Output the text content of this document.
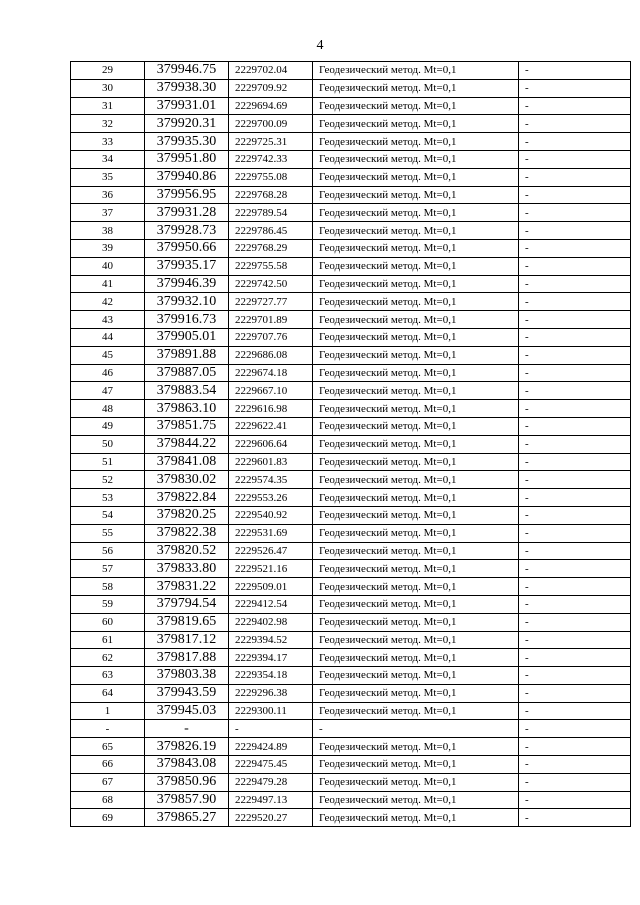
4
29	379946.75	2229702.04	Геодезический метод. Mt=0,1	-
30	379938.30	2229709.92	Геодезический метод. Mt=0,1	-
31	379931.01	2229694.69	Геодезический метод. Mt=0,1	-
32	379920.31	2229700.09	Геодезический метод. Mt=0,1	-
33	379935.30	2229725.31	Геодезический метод. Mt=0,1	-
34	379951.80	2229742.33	Геодезический метод. Mt=0,1	-
35	379940.86	2229755.08	Геодезический метод. Mt=0,1	-
36	379956.95	2229768.28	Геодезический метод. Mt=0,1	-
37	379931.28	2229789.54	Геодезический метод. Mt=0,1	-
38	379928.73	2229786.45	Геодезический метод. Mt=0,1	-
39	379950.66	2229768.29	Геодезический метод. Mt=0,1	-
40	379935.17	2229755.58	Геодезический метод. Mt=0,1	-
41	379946.39	2229742.50	Геодезический метод. Mt=0,1	-
42	379932.10	2229727.77	Геодезический метод. Mt=0,1	-
43	379916.73	2229701.89	Геодезический метод. Mt=0,1	-
44	379905.01	2229707.76	Геодезический метод. Mt=0,1	-
45	379891.88	2229686.08	Геодезический метод. Mt=0,1	-
46	379887.05	2229674.18	Геодезический метод. Mt=0,1	-
47	379883.54	2229667.10	Геодезический метод. Mt=0,1	-
48	379863.10	2229616.98	Геодезический метод. Mt=0,1	-
49	379851.75	2229622.41	Геодезический метод. Mt=0,1	-
50	379844.22	2229606.64	Геодезический метод. Mt=0,1	-
51	379841.08	2229601.83	Геодезический метод. Mt=0,1	-
52	379830.02	2229574.35	Геодезический метод. Mt=0,1	-
53	379822.84	2229553.26	Геодезический метод. Mt=0,1	-
54	379820.25	2229540.92	Геодезический метод. Mt=0,1	-
55	379822.38	2229531.69	Геодезический метод. Mt=0,1	-
56	379820.52	2229526.47	Геодезический метод. Mt=0,1	-
57	379833.80	2229521.16	Геодезический метод. Mt=0,1	-
58	379831.22	2229509.01	Геодезический метод. Mt=0,1	-
59	379794.54	2229412.54	Геодезический метод. Mt=0,1	-
60	379819.65	2229402.98	Геодезический метод. Mt=0,1	-
61	379817.12	2229394.52	Геодезический метод. Mt=0,1	-
62	379817.88	2229394.17	Геодезический метод. Mt=0,1	-
63	379803.38	2229354.18	Геодезический метод. Mt=0,1	-
64	379943.59	2229296.38	Геодезический метод. Mt=0,1	-
1	379945.03	2229300.11	Геодезический метод. Mt=0,1	-
-	-	-	-	-
65	379826.19	2229424.89	Геодезический метод. Mt=0,1	-
66	379843.08	2229475.45	Геодезический метод. Mt=0,1	-
67	379850.96	2229479.28	Геодезический метод. Mt=0,1	-
68	379857.90	2229497.13	Геодезический метод. Mt=0,1	-
69	379865.27	2229520.27	Геодезический метод. Mt=0,1	-
